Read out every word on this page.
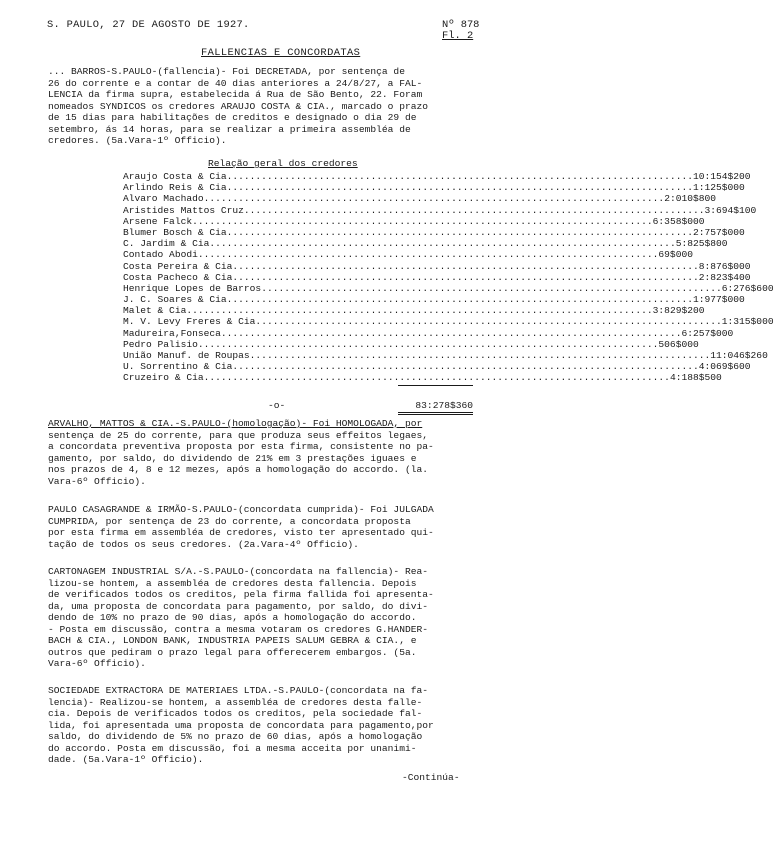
S. PAULO, 27 DE AGOSTO DE 1927.	Nº 878
Fl. 2
FALLENCIAS E CONCORDATAS

... BARROS-S.PAULO-(fallencia)- Foi DECRETADA, por sentença de

26 do corrente e a contar de 40 dias anteriores a 24/8/27, a FAL-

LENCIA da firma supra, estabelecida á Rua de São Bento, 22. Foram

nomeados SYNDICOS os credores ARAUJO COSTA & CIA., marcado o prazo

de 15 dias para habilitações de creditos e designado o dia 29 de

setembro, ás 14 horas, para se realizar a primeira assembléa de

credores. (5a.Vara-1º Officio).

Relação geral dos credores
Araujo Costa & Cia. ................................................................................ 10:154$200
Arlindo Reis & Cia. ................................................................................ 1:125$000
Alvaro Machado ................................................................................ 2:010$800
Aristides Mattos Cruz ................................................................................ 3:694$100
Arsene Falck ................................................................................ 6:358$000
Blumer Bosch & Cia. ................................................................................ 2:757$000
C. Jardim & Cia. ................................................................................ 5:825$800
Contado Abodi ................................................................................ 69$000
Costa Pereira & Cia. ................................................................................ 8:876$000
Costa Pacheco & Cia. ................................................................................ 2:823$400
Henrique Lopes de Barros ................................................................................ 6:276$600
J. C. Soares & Cia. ................................................................................ 1:977$000
Malet & Cia. ................................................................................ 3:829$200
M. V. Levy Freres & Cia. ................................................................................ 1:315$000
Madureira,Fonseca ................................................................................ 6:257$000
Pedro Palisio ................................................................................ 506$000
União Manuf. de Roupas ................................................................................ 11:046$260
U. Sorrentino & Cia. ................................................................................ 4:069$600
Cruzeiro & Cia. ................................................................................ 4:188$500
-o-	83:278$360

ARVALHO, MATTOS & CIA.-S.PAULO-(homologação)- Foi HOMOLOGADA, por

sentença de 25 do corrente, para que produza seus effeitos legaes,

a concordata preventiva proposta por esta firma, consistente no pa-

gamento, por saldo, do dividendo de 21% em 3 prestações iguaes e

nos prazos de 4, 8 e 12 mezes, após a homologação do accordo. (la.

Vara-6º Officio).

PAULO CASAGRANDE & IRMÃO-S.PAULO-(concordata cumprida)- Foi JULGADA

CUMPRIDA, por sentença de 23 do corrente, a concordata proposta

por esta firma em assembléa de credores, visto ter apresentado qui-

tação de todos os seus credores. (2a.Vara-4º Officio).

CARTONAGEM INDUSTRIAL S/A.-S.PAULO-(concordata na fallencia)- Rea-

lizou-se hontem, a assembléa de credores desta fallencia. Depois

de verificados todos os creditos, pela firma fallida foi apresenta-

da, uma proposta de concordata para pagamento, por saldo, do divi-

dendo de 10% no prazo de 90 dias, após a homologação do accordo.

- Posta em discussão, contra a mesma votaram os credores G.HANDER-

BACH & CIA., LONDON BANK, INDUSTRIA PAPEIS SALUM GEBRA & CIA., e

outros que pediram o prazo legal para offerecerem embargos. (5a.

Vara-6º Officio).

SOCIEDADE EXTRACTORA DE MATERIAES LTDA.-S.PAULO-(concordata na fa-

lencia)- Realizou-se hontem, a assembléa de credores desta falle-

cia. Depois de verificados todos os creditos, pela sociedade fal-

lida, foi apresentada uma proposta de concordata para pagamento,por

saldo, do dividendo de 5% no prazo de 60 dias, após a homologação

do accordo. Posta em discussão, foi a mesma acceita por unanimi-

dade. (5a.Vara-1º Officio).

-Continúa-
